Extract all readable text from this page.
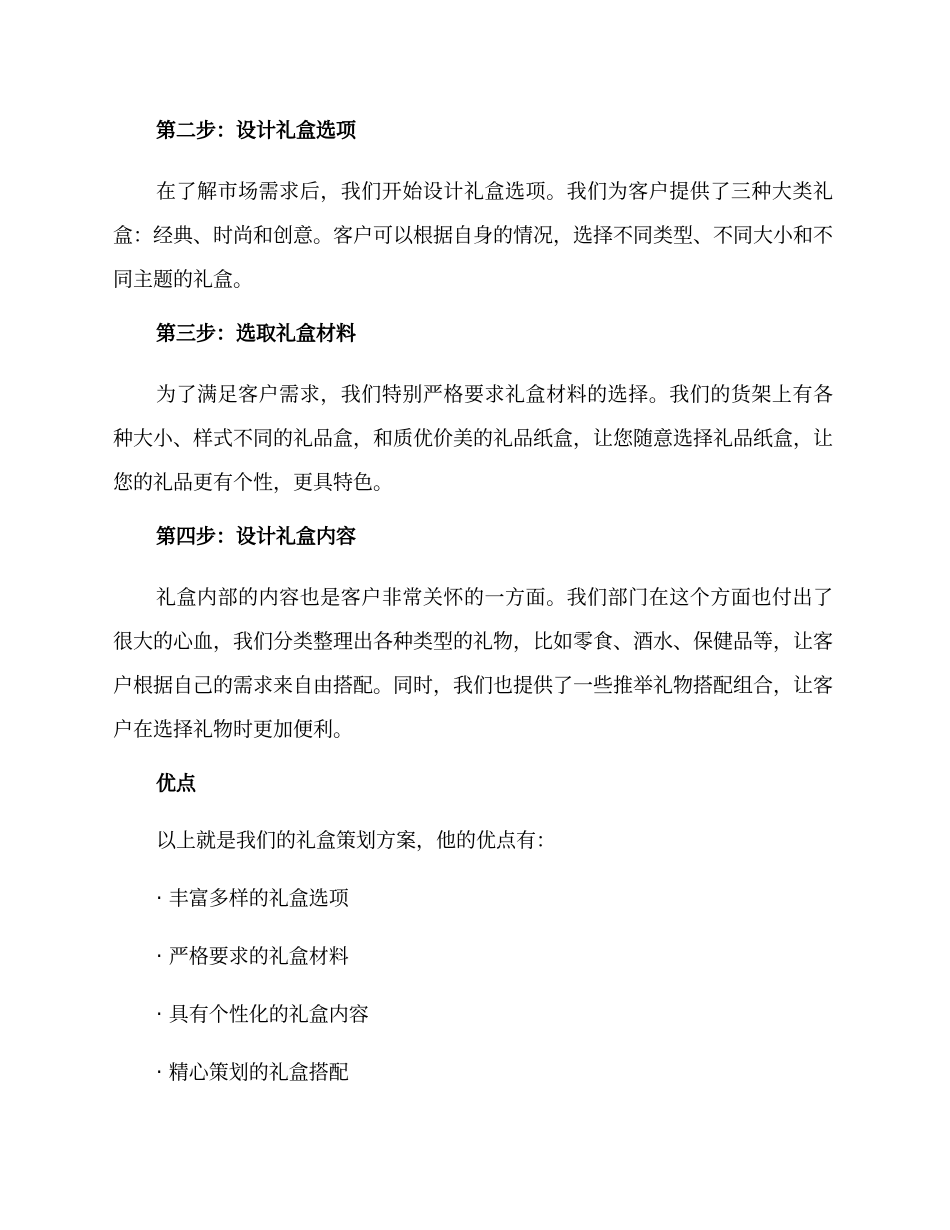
第二步：设计礼盒选项

在了解市场需求后，我们开始设计礼盒选项。我们为客户提供了三种大类礼盒：经典、时尚和创意。客户可以根据自身的情况，选择不同类型、不同大小和不同主题的礼盒。

第三步：选取礼盒材料

为了满足客户需求，我们特别严格要求礼盒材料的选择。我们的货架上有各种大小、样式不同的礼品盒，和质优价美的礼品纸盒，让您随意选择礼品纸盒，让您的礼品更有个性，更具特色。

第四步：设计礼盒内容

礼盒内部的内容也是客户非常关怀的一方面。我们部门在这个方面也付出了很大的心血，我们分类整理出各种类型的礼物，比如零食、酒水、保健品等，让客户根据自己的需求来自由搭配。同时，我们也提供了一些推举礼物搭配组合，让客户在选择礼物时更加便利。

优点

以上就是我们的礼盒策划方案，他的优点有：

· 丰富多样的礼盒选项
· 严格要求的礼盒材料
· 具有个性化的礼盒内容
· 精心策划的礼盒搭配
